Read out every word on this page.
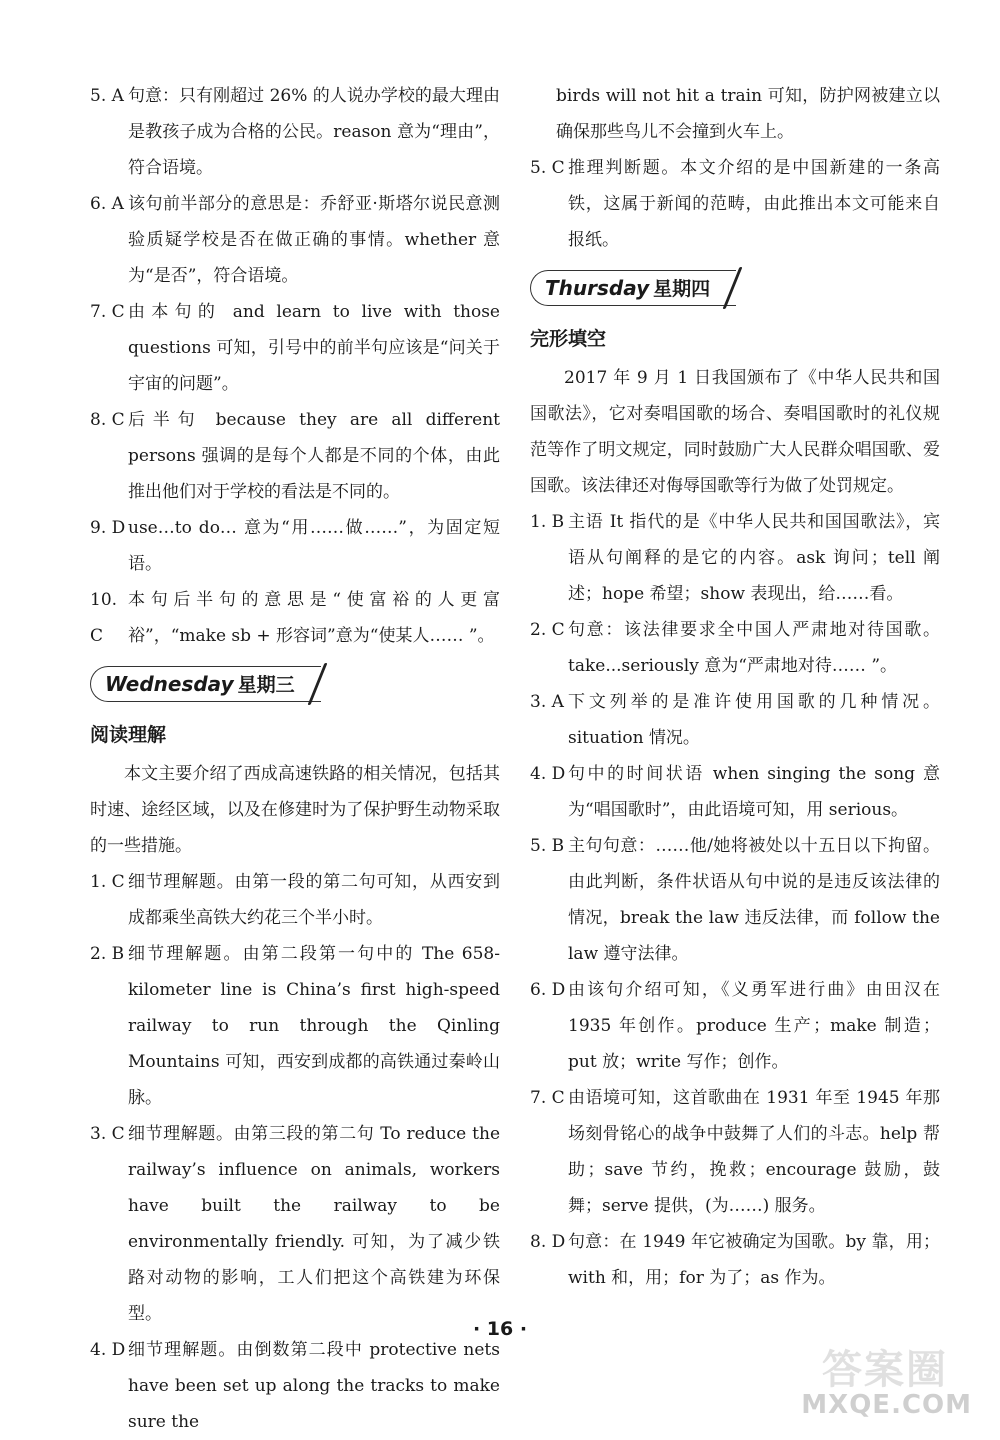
5. A 句意：只有刚超过 26% 的人说办学校的最大理由是教孩子成为合格的公民。reason 意为“理由”，符合语境。

6. A 该句前半部分的意思是：乔舒亚·斯塔尔说民意测验质疑学校是否在做正确的事情。whether 意为“是否”，符合语境。

7. C 由本句的 and learn to live with those questions 可知，引号中的前半句应该是“问关于宇宙的问题”。

8. C 后半句 because they are all different persons 强调的是每个人都是不同的个体，由此推出他们对于学校的看法是不同的。

9. D use…to do… 意为“用……做……”，为固定短语。

10. C
本句后半句的意思是“使富裕的人更富裕”，“make sb + 形容词”意为“使某人…… ”。

Wednesday 星期三
阅读理解

本文主要介绍了西成高速铁路的相关情况，包括其时速、途经区域，以及在修建时为了保护野生动物采取的一些措施。

1. C 细节理解题。由第一段的第二句可知，从西安到成都乘坐高铁大约花三个半小时。

2. B 细节理解题。由第二段第一句中的 The 658-kilometer line is China’s first high-speed railway to run through the Qinling Mountains 可知，西安到成都的高铁通过秦岭山脉。

3. C 细节理解题。由第三段的第二句 To reduce the railway’s influence on animals, workers have built the railway to be environmentally friendly. 可知，为了减少铁路对动物的影响，工人们把这个高铁建为环保型。

4. D 细节理解题。由倒数第二段中 protective nets have been set up along the tracks to make sure the

birds will not hit a train 可知，防护网被建立以确保那些鸟儿不会撞到火车上。

5. C 推理判断题。本文介绍的是中国新建的一条高铁，这属于新闻的范畴，由此推出本文可能来自报纸。

Thursday 星期四
完形填空

2017 年 9 月 1 日我国颁布了《中华人民共和国国歌法》，它对奏唱国歌的场合、奏唱国歌时的礼仪规范等作了明文规定，同时鼓励广大人民群众唱国歌、爱国歌。该法律还对侮辱国歌等行为做了处罚规定。

1. B 主语 It 指代的是《中华人民共和国国歌法》，宾语从句阐释的是它的内容。ask 询问；tell 阐述；hope 希望；show 表现出，给……看。

2. C 句意：该法律要求全中国人严肃地对待国歌。take...seriously 意为“严肃地对待…… ”。

3. A 下文列举的是准许使用国歌的几种情况。situation 情况。

4. D 句中的时间状语 when singing the song 意为“唱国歌时”，由此语境可知，用 serious。

5. B 主句句意：……他/她将被处以十五日以下拘留。由此判断，条件状语从句中说的是违反该法律的情况，break the law 违反法律，而 follow the law 遵守法律。

6. D 由该句介绍可知，《义勇军进行曲》由田汉在 1935 年创作。produce 生产；make 制造；put 放；write 写作；创作。

7. C 由语境可知，这首歌曲在 1931 年至 1945 年那场刻骨铭心的战争中鼓舞了人们的斗志。help 帮助；save 节约，挽救；encourage 鼓励，鼓舞；serve 提供，(为……) 服务。

8. D 句意：在 1949 年它被确定为国歌。by 靠，用；with 和，用；for 为了；as 作为。

· 16 ·
答案圈
MXQE.COM
